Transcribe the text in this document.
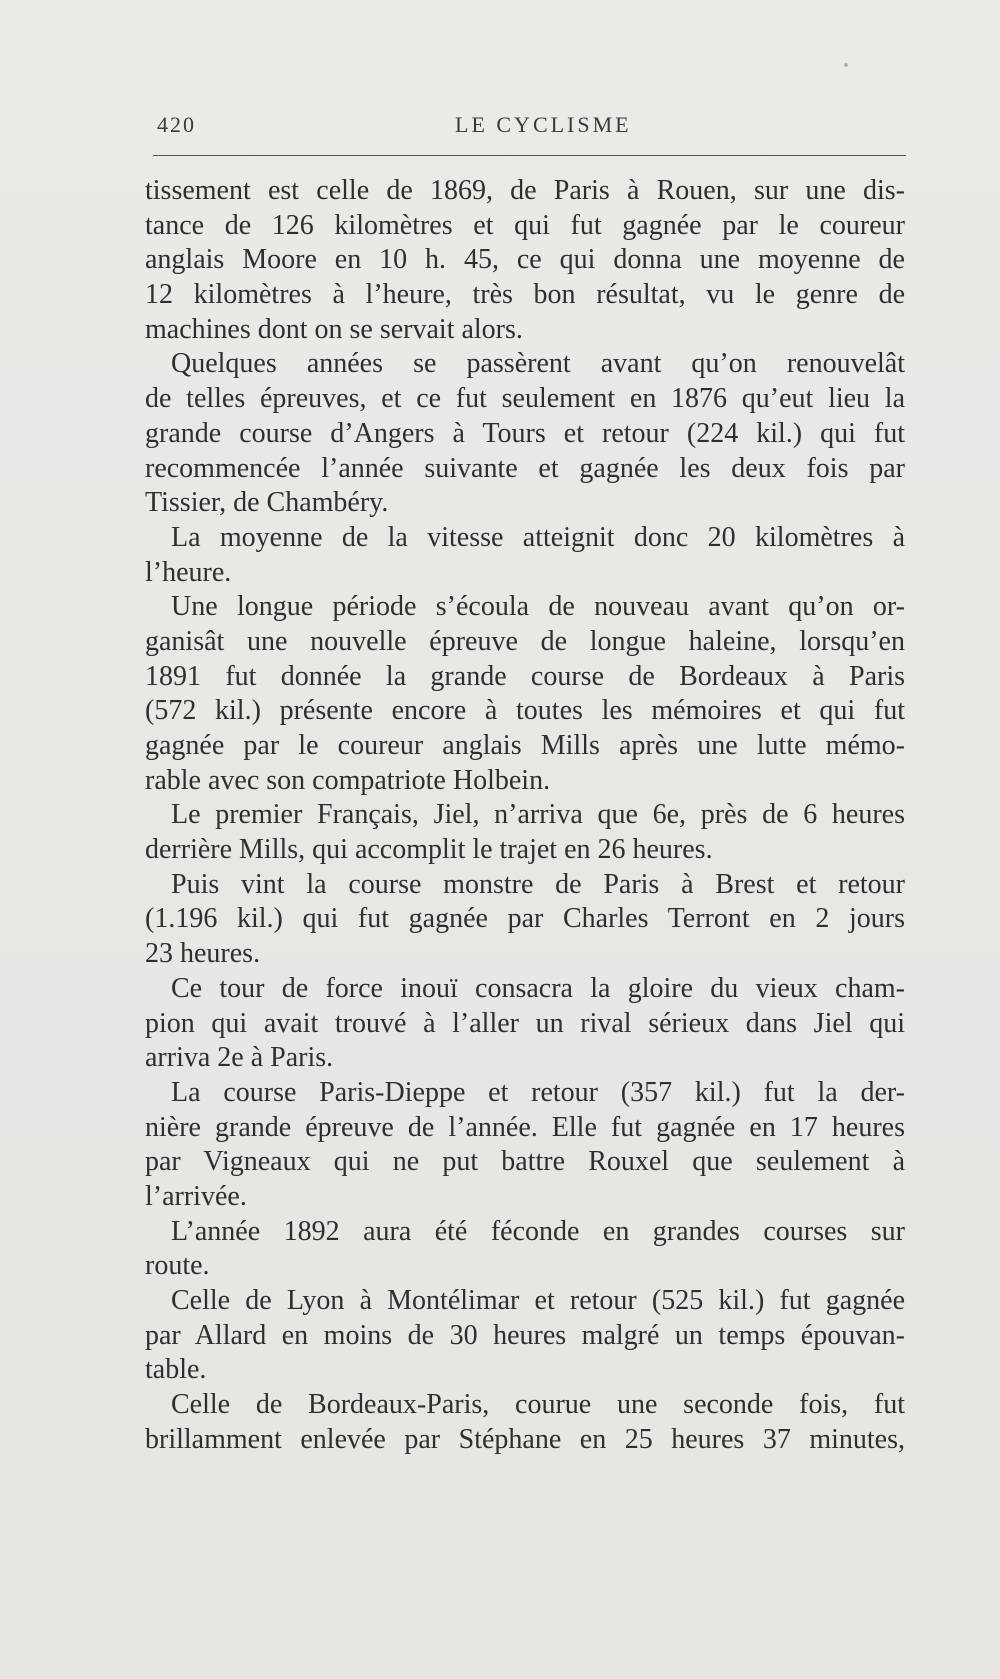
420	LE CYCLISME
tissement est celle de 1869, de Paris à Rouen, sur une dis-
tance de 126 kilomètres et qui fut gagnée par le coureur
anglais Moore en 10 h. 45, ce qui donna une moyenne de
12 kilomètres à l’heure, très bon résultat, vu le genre de
machines dont on se servait alors.
Quelques années se passèrent avant qu’on renouvelât
de telles épreuves, et ce fut seulement en 1876 qu’eut lieu la
grande course d’Angers à Tours et retour (224 kil.) qui fut
recommencée l’année suivante et gagnée les deux fois par
Tissier, de Chambéry.
La moyenne de la vitesse atteignit donc 20 kilomètres à
l’heure.
Une longue période s’écoula de nouveau avant qu’on or-
ganisât une nouvelle épreuve de longue haleine, lorsqu’en
1891 fut donnée la grande course de Bordeaux à Paris
(572 kil.) présente encore à toutes les mémoires et qui fut
gagnée par le coureur anglais Mills après une lutte mémo-
rable avec son compatriote Holbein.
Le premier Français, Jiel, n’arriva que 6e, près de 6 heures
derrière Mills, qui accomplit le trajet en 26 heures.
Puis vint la course monstre de Paris à Brest et retour
(1.196 kil.) qui fut gagnée par Charles Terront en 2 jours
23 heures.
Ce tour de force inouï consacra la gloire du vieux cham-
pion qui avait trouvé à l’aller un rival sérieux dans Jiel qui
arriva 2e à Paris.
La course Paris-Dieppe et retour (357 kil.) fut la der-
nière grande épreuve de l’année. Elle fut gagnée en 17 heures
par Vigneaux qui ne put battre Rouxel que seulement à
l’arrivée.
L’année 1892 aura été féconde en grandes courses sur
route.
Celle de Lyon à Montélimar et retour (525 kil.) fut gagnée
par Allard en moins de 30 heures malgré un temps épouvan-
table.
Celle de Bordeaux-Paris, courue une seconde fois, fut
brillamment enlevée par Stéphane en 25 heures 37 minutes,
